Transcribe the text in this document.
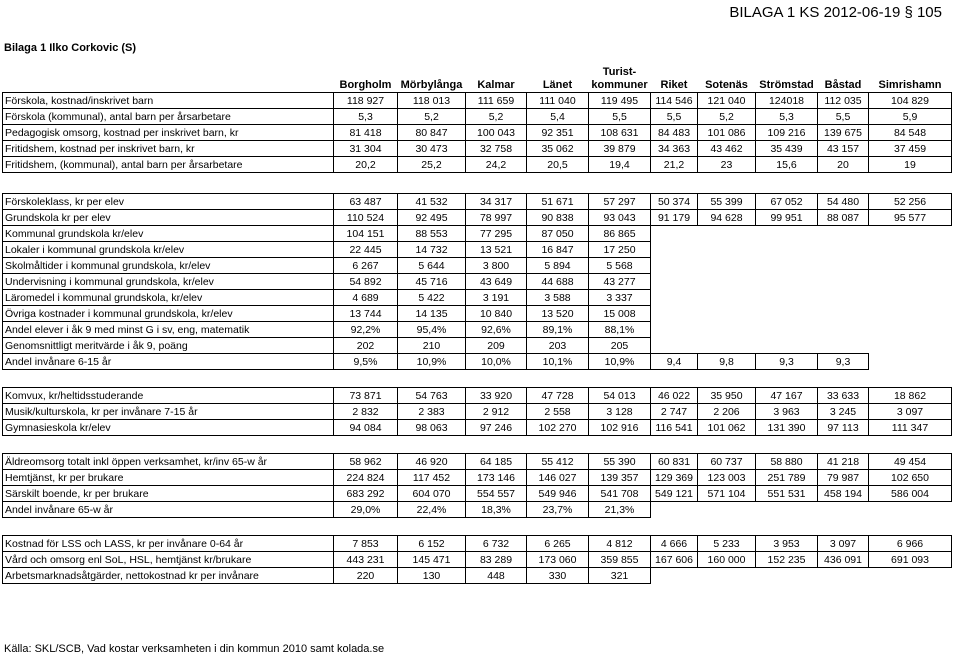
BILAGA 1 KS 2012-06-19 § 105
Bilaga 1 Ilko Corkovic (S)
	Borgholm	Mörbylånga	Kalmar	Länet	Turist-
kommuner	Riket	Sotenäs	Strömstad	Båstad	Simrishamn
Förskola, kostnad/inskrivet barn	118 927	118 013	111 659	111 040	119 495	114 546	121 040	124018	112 035	104 829
Förskola (kommunal), antal barn per årsarbetare	5,3	5,2	5,2	5,4	5,5	5,5	5,2	5,3	5,5	5,9
Pedagogisk omsorg, kostnad per inskrivet barn, kr	81 418	80 847	100 043	92 351	108 631	84 483	101 086	109 216	139 675	84 548
Fritidshem, kostnad per inskrivet barn, kr	31 304	30 473	32 758	35 062	39 879	34 363	43 462	35 439	43 157	37 459
Fritidshem, (kommunal), antal barn per årsarbetare	20,2	25,2	24,2	20,5	19,4	21,2	23	15,6	20	19

Förskoleklass, kr per elev	63 487	41 532	34 317	51 671	57 297	50 374	55 399	67 052	54 480	52 256
Grundskola kr per elev	110 524	92 495	78 997	90 838	93 043	91 179	94 628	99 951	88 087	95 577
Kommunal grundskola kr/elev	104 151	88 553	77 295	87 050	86 865					
Lokaler i kommunal grundskola kr/elev	22 445	14 732	13 521	16 847	17 250					
Skolmåltider i kommunal grundskola, kr/elev	6 267	5 644	3 800	5 894	5 568					
Undervisning i kommunal grundskola, kr/elev	54 892	45 716	43 649	44 688	43 277					
Läromedel i kommunal grundskola, kr/elev	4 689	5 422	3 191	3 588	3 337					
Övriga kostnader i kommunal grundskola, kr/elev	13 744	14 135	10 840	13 520	15 008					
Andel elever i åk 9 med minst G i sv, eng, matematik	92,2%	95,4%	92,6%	89,1%	88,1%					
Genomsnittligt meritvärde i åk 9, poäng	202	210	209	203	205					
Andel invånare 6-15 år	9,5%	10,9%	10,0%	10,1%	10,9%	9,4	9,8	9,3	9,3	

Komvux, kr/heltidsstuderande	73 871	54 763	33 920	47 728	54 013	46 022	35 950	47 167	33 633	18 862
Musik/kulturskola, kr per invånare 7-15 år	2 832	2 383	2 912	2 558	3 128	2 747	2 206	3 963	3 245	3 097
Gymnasieskola kr/elev	94 084	98 063	97 246	102 270	102 916	116 541	101 062	131 390	97 113	111 347

Äldreomsorg totalt inkl öppen verksamhet, kr/inv 65-w år	58 962	46 920	64 185	55 412	55 390	60 831	60 737	58 880	41 218	49 454
Hemtjänst, kr per brukare	224 824	117 452	173 146	146 027	139 357	129 369	123 003	251 789	79 987	102 650
Särskilt boende, kr per brukare	683 292	604 070	554 557	549 946	541 708	549 121	571 104	551 531	458 194	586 004
Andel invånare 65-w år	29,0%	22,4%	18,3%	23,7%	21,3%					

Kostnad för LSS och LASS, kr per invånare 0-64 år	7 853	6 152	6 732	6 265	4 812	4 666	5 233	3 953	3 097	6 966
Vård och omsorg enl SoL, HSL, hemtjänst kr/brukare	443 231	145 471	83 289	173 060	359 855	167 606	160 000	152 235	436 091	691 093
Arbetsmarknadsåtgärder, nettokostnad kr per invånare	220	130	448	330	321					
Källa: SKL/SCB, Vad kostar verksamheten i din kommun 2010 samt kolada.se
